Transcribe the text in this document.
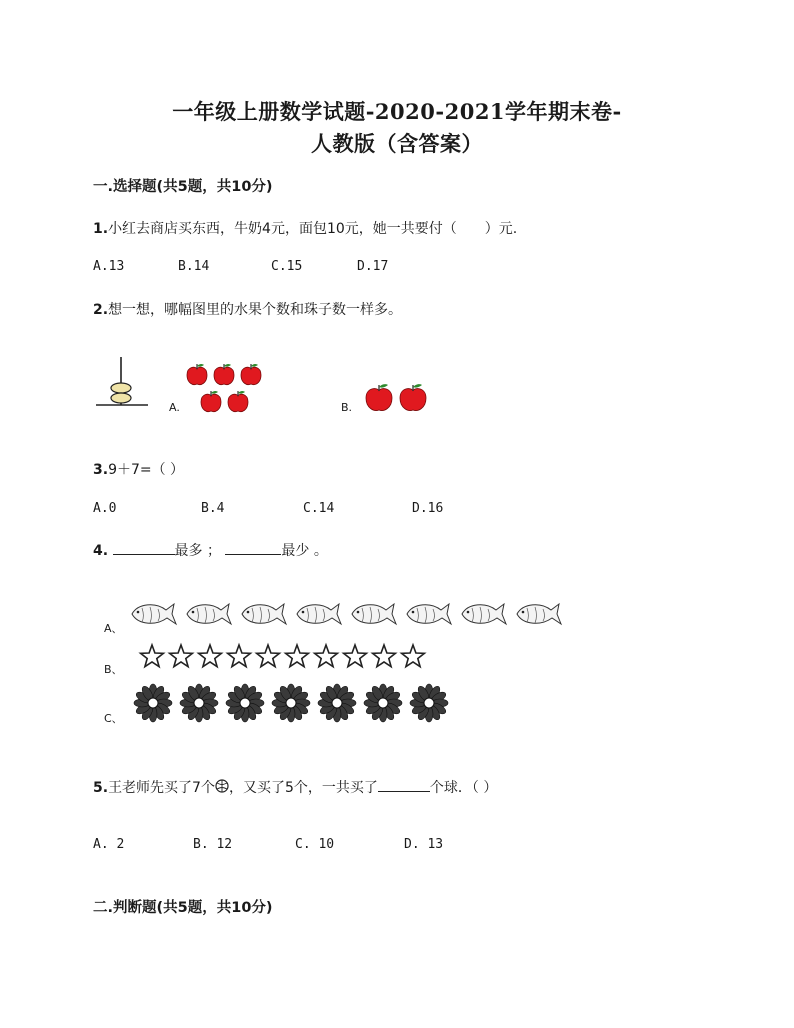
一年级上册数学试题-2020-2021学年期末卷-
人教版（含答案）
一.选择题(共5题，共10分)
1.小红去商店买东西，牛奶4元，面包10元，她一共要付（ ）元.
A.13	B.14	C.15	D.17
2.想一想，哪幅图里的水果个数和珠子数一样多。
A.	B.
3.9＋7=（ ）
A.0	B.4	C.14	D.16
4.	最多 ；	最少 。
A、
B、
C、
5.王老师先买了7个 ，又买了5个，一共买了	个球．（ ）
A. 2	B. 12	C. 10	D. 13
二.判断题(共5题，共10分)
